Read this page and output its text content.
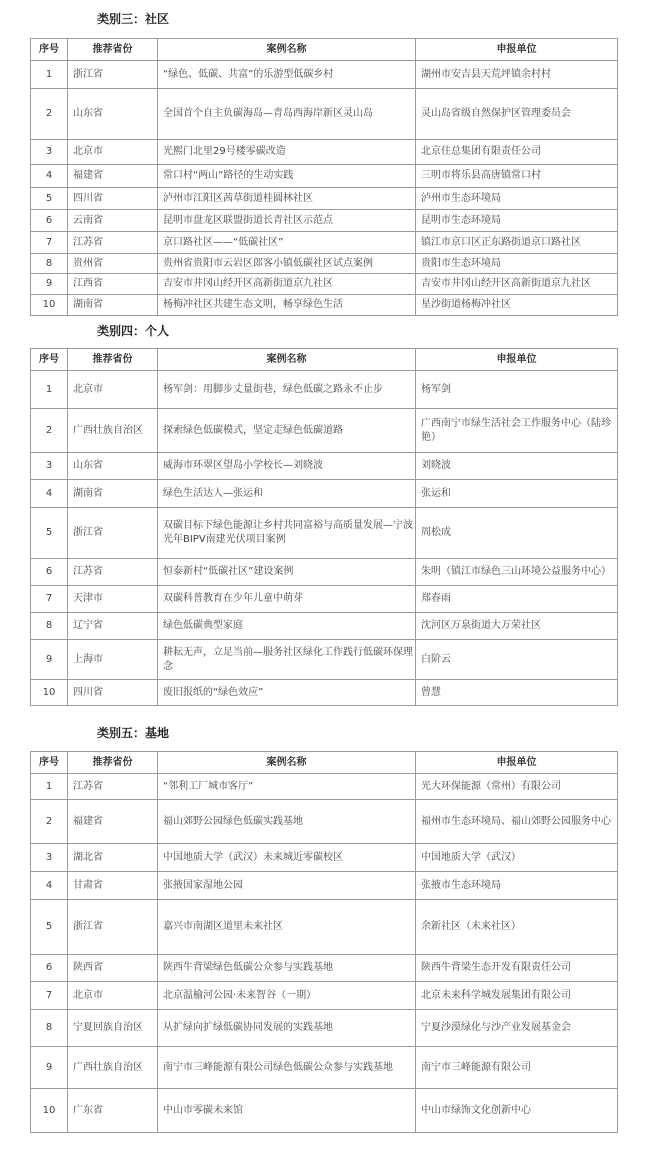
类别三：社区
序号	推荐省份	案例名称	申报单位
1	浙江省	“绿色、低碳、共富”的乐游型低碳乡村	湖州市安吉县天荒坪镇余村村
2	山东省	全国首个自主负碳海岛—青岛西海岸新区灵山岛	灵山岛省级自然保护区管理委员会
3	北京市	光熙门北里29号楼零碳改造	北京住总集团有限责任公司
4	福建省	常口村“两山”路径的生动实践	三明市将乐县高唐镇常口村
5	四川省	泸州市江阳区茜草街道桂圆林社区	泸州市生态环境局
6	云南省	昆明市盘龙区联盟街道长青社区示范点	昆明市生态环境局
7	江苏省	京口路社区——“低碳社区”	镇江市京口区正东路街道京口路社区
8	贵州省	贵州省贵阳市云岩区郎客小镇低碳社区试点案例	贵阳市生态环境局
9	江西省	吉安市井冈山经开区高新街道京九社区	吉安市井冈山经开区高新街道京九社区
10	湖南省	杨梅冲社区共建生态文明，畅享绿色生活	星沙街道杨梅冲社区
类别四：个人
序号	推荐省份	案例名称	申报单位
1	北京市	杨军剑：用脚步丈量街巷，绿色低碳之路永不止步	杨军剑
2	广西壮族自治区	探索绿色低碳模式，坚定走绿色低碳道路	广西南宁市绿生活社会工作服务中心（陆珍艳）
3	山东省	威海市环翠区望岛小学校长—刘晓波	刘晓波
4	湖南省	绿色生活达人—张运和	张运和
5	浙江省	双碳目标下绿色能源让乡村共同富裕与高质量发展—宁波光年BIPV南建光伏项目案例	周松成
6	江苏省	恒泰新村“低碳社区”建设案例	朱明（镇江市绿色三山环境公益服务中心）
7	天津市	双碳科普教育在少年儿童中萌芽	郑春雨
8	辽宁省	绿色低碳典型家庭	沈河区万泉街道大万荣社区
9	上海市	耕耘无声，立足当前—服务社区绿化工作践行低碳环保理念	白阶云
10	四川省	废旧报纸的“绿色效应”	曾慧
类别五：基地
序号	推荐省份	案例名称	申报单位
1	江苏省	“邻利工厂城市客厅”	光大环保能源（常州）有限公司
2	福建省	福山郊野公园绿色低碳实践基地	福州市生态环境局、福山郊野公园服务中心
3	湖北省	中国地质大学（武汉）未来城近零碳校区	中国地质大学（武汉）
4	甘肃省	张掖国家湿地公园	张掖市生态环境局
5	浙江省	嘉兴市南湖区道里未来社区	余新社区（未来社区）
6	陕西省	陕西牛背梁绿色低碳公众参与实践基地	陕西牛背梁生态开发有限责任公司
7	北京市	北京温榆河公园·未来智谷（一期）	北京未来科学城发展集团有限公司
8	宁夏回族自治区	从扩绿向扩绿低碳协同发展的实践基地	宁夏沙漠绿化与沙产业发展基金会
9	广西壮族自治区	南宁市三峰能源有限公司绿色低碳公众参与实践基地	南宁市三峰能源有限公司
10	广东省	中山市零碳未来馆	中山市绿饰文化创新中心
